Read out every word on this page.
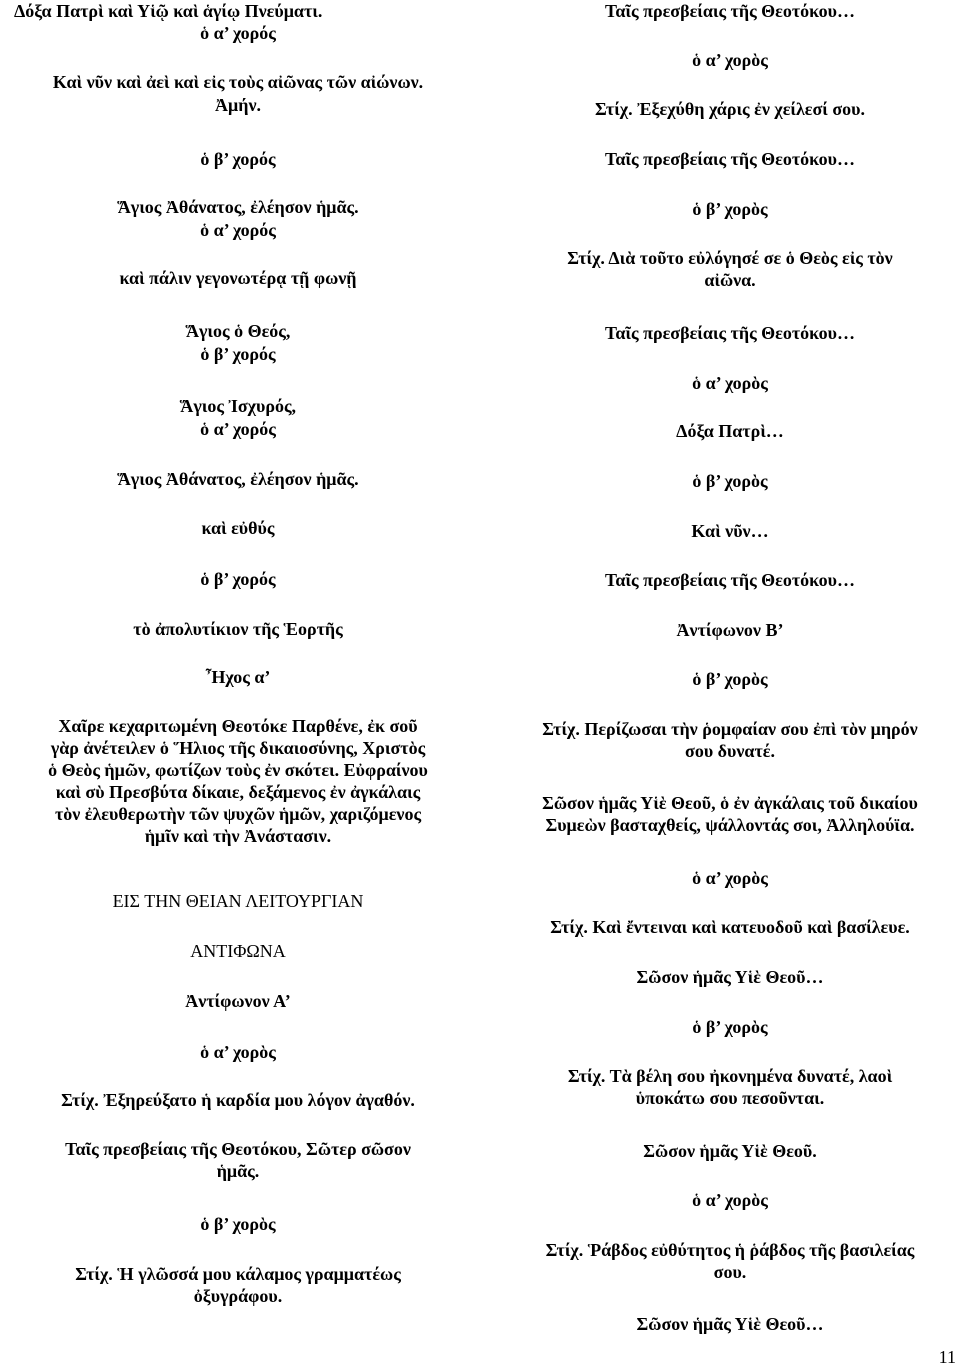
Δόξα Πατρὶ καὶ Υἱῷ καὶ ἁγίῳ Πνεύματι.
ὁ α’ χορός
Καὶ νῦν καὶ ἀεὶ καὶ εἰς τοὺς αἰῶνας τῶν αἰώνων.
Ἀμήν.
ὁ β’ χορός
Ἅγιος Ἀθάνατος, ἐλέησον ἡμᾶς.
ὁ α’ χορός
καὶ πάλιν γεγονωτέρᾳ τῇ φωνῇ
Ἅγιος ὁ Θεός,
ὁ β’ χορός
Ἅγιος Ἰσχυρός,
ὁ α’ χορός
Ἅγιος Ἀθάνατος, ἐλέησον ἡμᾶς.
καὶ εὐθύς
ὁ β’ χορός
τὸ ἀπολυτίκιον τῆς Ἑορτῆς
Ἦχος α’
Χαῖρε κεχαριτωμένη Θεοτόκε Παρθένε, ἐκ σοῦ
γὰρ ἀνέτειλεν ὁ Ἥλιος τῆς δικαιοσύνης, Χριστὸς
ὁ Θεὸς ἡμῶν, φωτίζων τοὺς ἐν σκότει. Εὐφραίνου
καὶ σὺ Πρεσβύτα δίκαιε, δεξάμενος ἐν ἀγκάλαις
τὸν ἐλευθερωτὴν τῶν ψυχῶν ἡμῶν, χαριζόμενος
ἡμῖν καὶ τὴν Ἀνάστασιν.
ΕΙΣ ΤΗΝ ΘΕΙΑΝ ΛΕΙΤΟΥΡΓΙΑΝ
ΑΝΤΙΦΩΝΑ
Ἀντίφωνον Α’
ὁ α’ χορὸς
Στίχ. Ἐξηρεύξατο ἡ καρδία μου λόγον ἀγαθόν.
Ταῖς πρεσβείαις τῆς Θεοτόκου, Σῶτερ σῶσον
ἡμᾶς.
ὁ β’ χορὸς
Στίχ. Ἡ γλῶσσά μου κάλαμος γραμματέως
ὀξυγράφου.
Ταῖς πρεσβείαις τῆς Θεοτόκου…
ὁ α’ χορὸς
Στίχ. Ἐξεχύθη χάρις ἐν χείλεσί σου.
Ταῖς πρεσβείαις τῆς Θεοτόκου…
ὁ β’ χορὸς
Στίχ. Διὰ τοῦτο εὐλόγησέ σε ὁ Θεὸς εἰς τὸν
αἰῶνα.
Ταῖς πρεσβείαις τῆς Θεοτόκου…
ὁ α’ χορὸς
Δόξα Πατρὶ…
ὁ β’ χορὸς
Καὶ νῦν…
Ταῖς πρεσβείαις τῆς Θεοτόκου…
Ἀντίφωνον Β’
ὁ β’ χορὸς
Στίχ. Περίζωσαι τὴν ῥομφαίαν σου ἐπὶ τὸν μηρόν
σου δυνατέ.
Σῶσον ἡμᾶς Υἱὲ Θεοῦ, ὁ ἐν ἀγκάλαις τοῦ δικαίου
Συμεὼν βασταχθείς, ψάλλοντάς σοι, Ἀλληλούϊα.
ὁ α’ χορὸς
Στίχ. Καὶ ἔντειναι καὶ κατευοδοῦ καὶ βασίλευε.
Σῶσον ἡμᾶς Υἱὲ Θεοῦ…
ὁ β’ χορὸς
Στίχ. Τὰ βέλη σου ἠκονημένα δυνατέ, λαοὶ
ὑποκάτω σου πεσοῦνται.
Σῶσον ἡμᾶς Υἱὲ Θεοῦ.
ὁ α’ χορὸς
Στίχ. Ῥάβδος εὐθύτητος ἡ ῥάβδος τῆς βασιλείας
σου.
Σῶσον ἡμᾶς Υἱὲ Θεοῦ…
11
